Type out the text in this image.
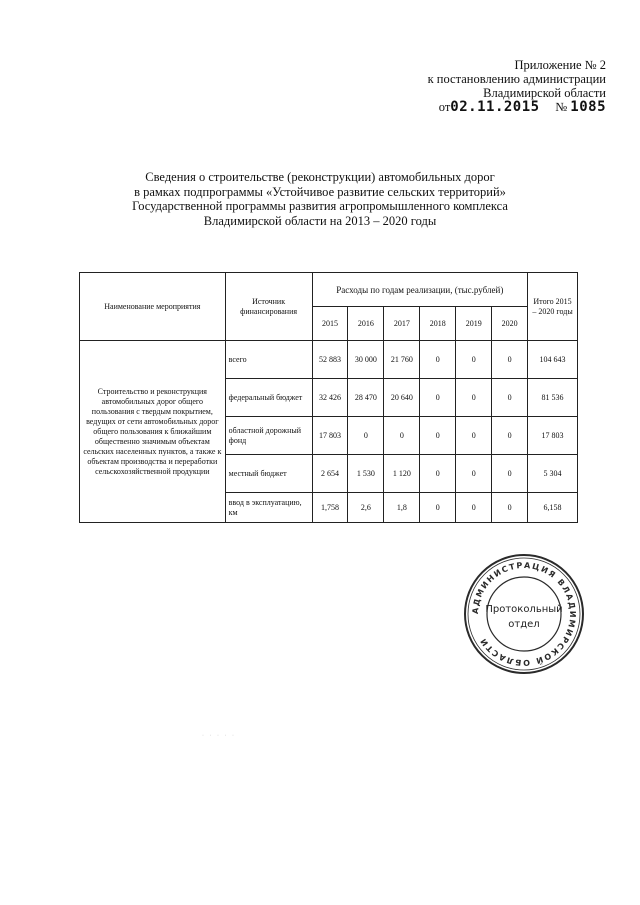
Приложение № 2
к постановлению администрации
Владимирской области
от02.11.2015 № 1085
Сведения о строительстве (реконструкции) автомобильных дорог
в рамках подпрограммы «Устойчивое развитие сельских территорий»
Государственной программы развития агропромышленного комплекса
Владимирской области на 2013 – 2020 годы
Наименование мероприятия	Источник финансирования	Расходы по годам реализации, (тыс.рублей)						Итого 2015 – 2020 годы
		2015	2016	2017	2018	2019	2020	
Строительство и реконструкция автомобильных дорог общего пользования с твердым покрытием, ведущих от сети автомобильных дорог общего пользования к ближайшим общественно значимым объектам сельских населенных пунктов, а также к объектам производства и переработки сельскохозяйственной продукции	всего	52 883	30 000	21 760	0	0	0	104 643
	федеральный бюджет	32 426	28 470	20 640	0	0	0	81 536
	областной дорожный фонд	17 803	0	0	0	0	0	17 803
	местный бюджет	2 654	1 530	1 120	0	0	0	5 304
	ввод в эксплуатацию, км	1,758	2,6	1,8	0	0	0	6,158
АДМИНИСТРАЦИЯ ВЛАДИМИРСКОЙ ОБЛАСТИ
Протокольный
отдел
· · · · ·
